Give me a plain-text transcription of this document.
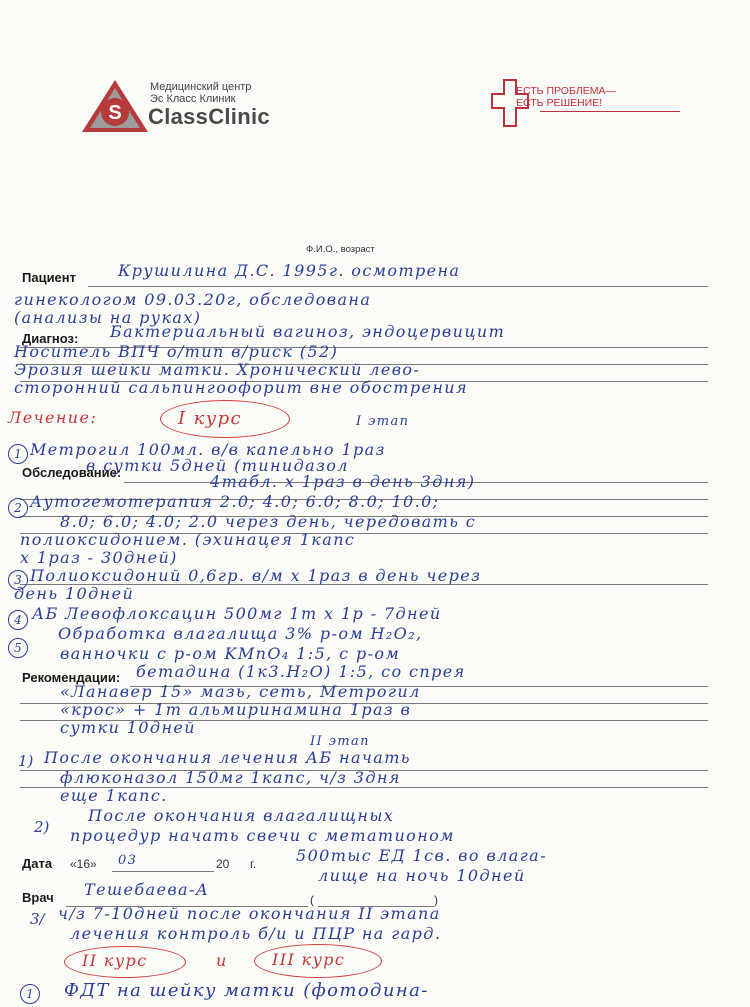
S
Медицинский центр
Эс Класс Клиник
ClassClinic
ЕСТЬ ПРОБЛЕМА—
ЕСТЬ РЕШЕНИЕ!
Ф.И.О., возраст
Пациент	Крушилина Д.С. 1995г. осмотрена
гинекологом 09.03.20г, обследована
(анализы на руках)
Диагноз: Бактериальный вагиноз, эндоцервицит
Носитель ВПЧ о/тип в/риск (52)
Эрозия шейки матки. Хронический лево-
сторонний сальпингоофорит вне обострения
Лечение:	I курс	I этап
1 Метрогил 100мл. в/в капельно 1раз
в сутки 5дней (тинидазол
Обследование:	4табл. х 1раз в день 3дня)
2 Аутогемотерапия 2.0; 4.0; 6.0; 8.0; 10.0;
8.0; 6.0; 4.0; 2.0 через день, чередовать с
полиоксидонием. (эхинацея 1капс
х 1раз - 30дней)
3 Полиоксидоний 0,6гр. в/м х 1раз в день через
день 10дней
4 АБ Левофлоксацин 500мг 1т х 1р - 7дней
5
Обработка влагалища 3% р-ом H₂O₂,
ванночки с р-ом KMnO₄ 1:5, с р-ом
Рекомендации: бетадина (1к3.H₂O) 1:5, со спрея
«Ланавер 15» мазь, сеть, Метрогил
«крос» + 1т альмиринамина 1раз в
сутки 10дней
II этап
1) После окончания лечения АБ начать
флюконазол 150мг 1капс, ч/з 3дня
еще 1капс.
2)
После окончания влагалищных
процедур начать свечи с метатионом
500тыс ЕД 1св. во влага-
лище на ночь 10дней
Дата «16» 03	20 г.
Врач Тешебаева-А
(	)
3/ ч/з 7-10дней после окончания II этапа
лечения контроль б/и и ПЦР на гард.
II курс	и	III курс
1	ФДТ на шейку матки (фотодина-
